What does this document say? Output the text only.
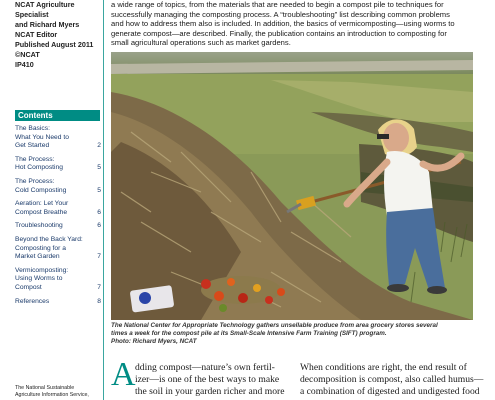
NCAT Agriculture
Specialist
and Richard Myers
NCAT Editor
Published August 2011
©NCAT
IP410
Contents
The Basics:
What You Need to
Get Started	2
The Process:
Hot Composting	5
The Process:
Cold Composting	5
Aeration: Let Your
Compost Breathe	6
Troubleshooting	6
Beyond the Back Yard:
Composting for a
Market Garden	7
Vermicomposting:
Using Worms to
Compost	7
References	8
The National Sustainable
Agriculture Information Service,
a wide range of topics, from the materials that are needed to begin a compost pile to techniques for
successfully managing the composting process. A “troubleshooting” list describing common problems
and how to address them also is included. In addition, the basics of vermicomposting—using worms to
generate compost—are described. Finally, the publication contains an introduction to composting for
small agricultural operations such as market gardens.
The National Center for Appropriate Technology gathers unsellable produce from area grocery stores several
times a week for the compost pile at its Small-Scale Intensive Farm Training (SIFT) program.
Photo: Richard Myers, NCAT
A dding compost—nature’s own fertil-
izer—is one of the best ways to make
the soil in your garden richer and more
When conditions are right, the end result of
decomposition is compost, also called humus—
a combination of digested and undigested food
